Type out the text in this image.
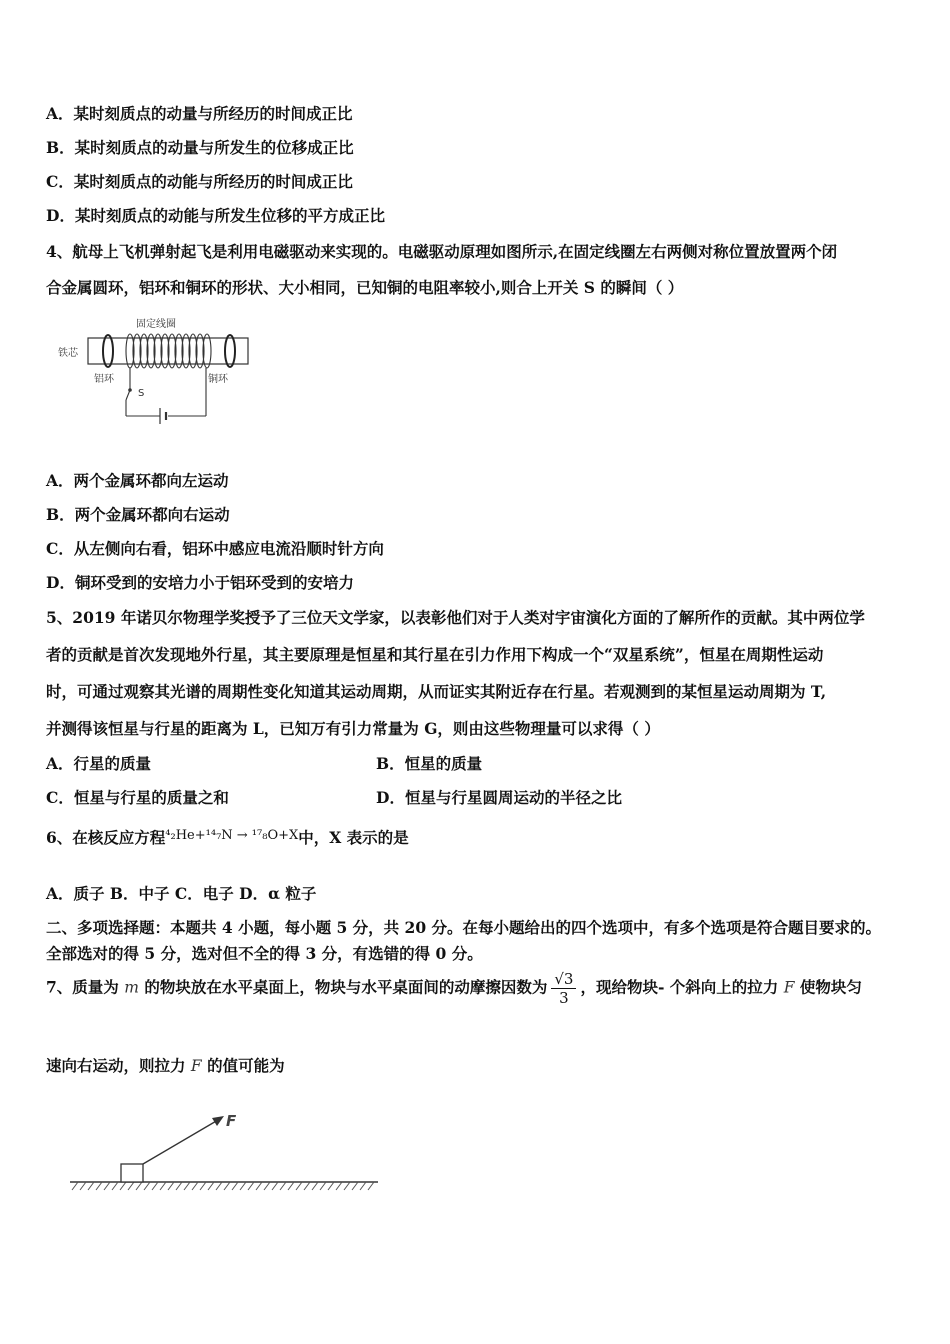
A．某时刻质点的动量与所经历的时间成正比
B．某时刻质点的动量与所发生的位移成正比
C．某时刻质点的动能与所经历的时间成正比
D．某时刻质点的动能与所发生位移的平方成正比
4、航母上飞机弹射起飞是利用电磁驱动来实现的。电磁驱动原理如图所示,在固定线圈左右两侧对称位置放置两个闭
合金属圆环，铝环和铜环的形状、大小相同，已知铜的电阻率较小,则合上开关 S 的瞬间（ ）
固定线圈
铁芯
铝环	铜环
S
A．两个金属环都向左运动
B．两个金属环都向右运动
C．从左侧向右看，铝环中感应电流沿顺时针方向
D．铜环受到的安培力小于铝环受到的安培力
5、2019 年诺贝尔物理学奖授予了三位天文学家，以表彰他们对于人类对宇宙演化方面的了解所作的贡献。其中两位学
者的贡献是首次发现地外行星，其主要原理是恒星和其行星在引力作用下构成一个“双星系统”，恒星在周期性运动
时，可通过观察其光谱的周期性变化知道其运动周期，从而证实其附近存在行星。若观测到的某恒星运动周期为 T,
并测得该恒星与行星的距离为 L，已知万有引力常量为 G，则由这些物理量可以求得（ ）
A．行星的质量	B．恒星的质量
C．恒星与行星的质量之和	D．恒星与行星圆周运动的半径之比
6、在核反应方程$^{^4_2He+^{14}_7N \to ^{17}_8O+X}$中，X 表示的是
A．质子 B．中子 C．电子 D．α 粒子
二、多项选择题：本题共 4 小题，每小题 5 分，共 20 分。在每小题给出的四个选项中，有多个选项是符合题目要求的。
全部选对的得 5 分，选对但不全的得 3 分，有选错的得 0 分。
7、质量为 m 的物块放在水平桌面上，物块与水平桌面间的动摩擦因数为 $\frac{√3}{3}$ ，现给物块- 个斜向上的拉力 F 使物块匀
速向右运动，则拉力 F 的值可能为
F
